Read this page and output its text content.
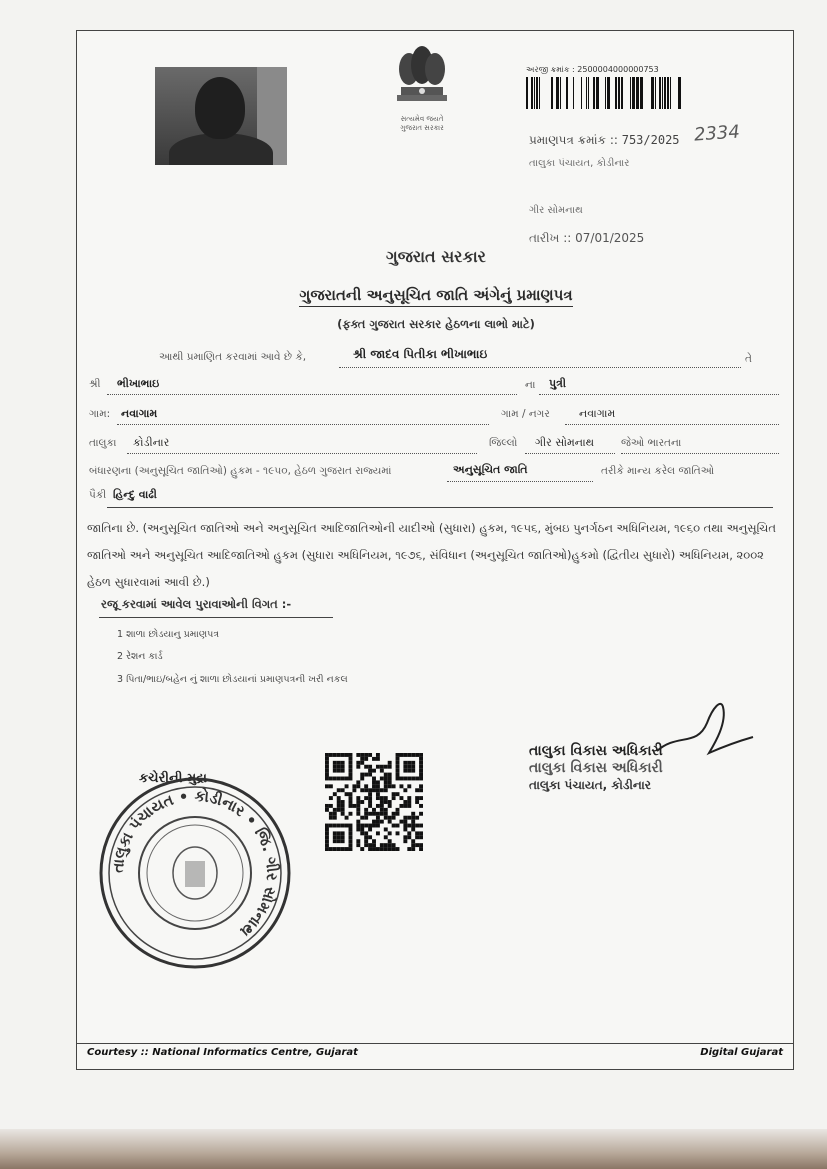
સત્યમેવ જયતે
ગુજરાત સરકાર
અરજી ક્રમાંક : 2500004000000753
પ્રમાણપત્ર ક્રમાંક :: 753/2025 2334
તાલુકા પંચાયત, કોડીનાર
ગીર સોમનાથ
તારીખ :: 07/01/2025
ગુજરાત સરકાર
ગુજરાતની અનુસૂચિત જાતિ અંગેનું પ્રમાણપત્ર
(ફક્ત ગુજરાત સરકાર હેઠળના લાભો માટે)
આથી પ્રમાણિત કરવામાં આવે છે કે,	શ્રી જાદવ પિતીકા ભીખાભાઇ	તે
શ્રી ભીખાભાઇ	ના પુત્રી
ગામ: નવાગામ	ગામ / નગર	નવાગામ
તાલુકા કોડીનાર	જિલ્લો ગીર સોમનાથ	જેઓ ભારતના
બંધારણના (અનુસૂચિત જાતિઓ) હુકમ - ૧૯૫૦, હેઠળ ગુજરાત રાજ્યમાં	અનુસૂચિત જાતિ	તરીકે માન્ય કરેલ જાતિઓ
પૈકી હિન્દુ વાઢી
જાતિના છે. (અનુસૂચિત જાતિઓ અને અનુસૂચિત આદિજાતિઓની યાદીઓ (સુધારા) હુકમ, ૧૯૫૬, મુંબઇ પુનર્ગઠન અધિનિયમ, ૧૯૬૦ તથા અનુસૂચિત જાતિઓ અને અનુસૂચિત આદિજાતિઓ હુકમ (સુધારા અધિનિયમ, ૧૯૭૬, સંવિધાન (અનુસૂચિત જાતિઓ)હુકમો (દ્વિતીય સુધારો) અધિનિયમ, ૨૦૦૨ હેઠળ સુધારવામાં આવી છે.)
રજૂ કરવામાં આવેલ પુરાવાઓની વિગત :-
1 શાળા છોડયાનુ પ્રમાણપત્ર
2 રેશન કાર્ડ
3 પિતા/ભાઇ/બહેન નું શાળા છોડયાનાં પ્રમાણપત્રની ખરી નકલ
તાલુકા વિકાસ અધિકારી
તાલુકા વિકાસ અધિકારી
તાલુકા પંચાયત, કોડીનાર
કચેરીની મુદ્રા
તાલુકા પંચાયત • કોડીનાર • જિ. ગીર સોમનાથ
Courtesy :: National Informatics Centre, Gujarat	Digital Gujarat
